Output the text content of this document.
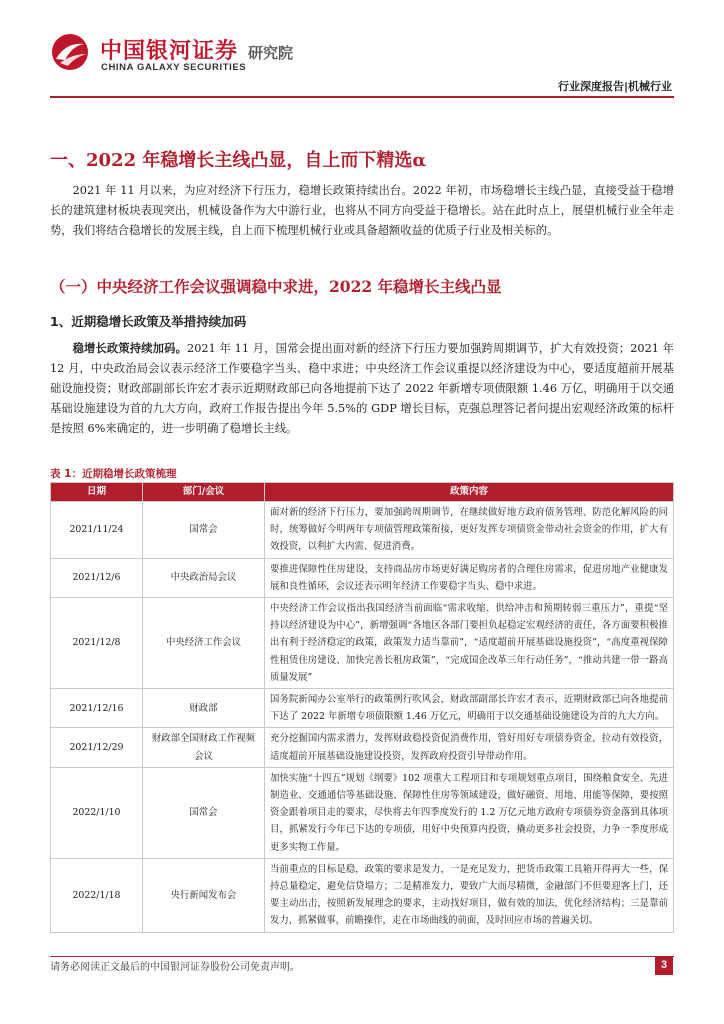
中国银河证券 研究院
CHINA GALAXY SECURITIES
行业深度报告|机械行业
一、2022 年稳增长主线凸显，自上而下精选α
2021 年 11 月以来，为应对经济下行压力，稳增长政策持续出台。2022 年初，市场稳增长主线凸显，直接受益于稳增长的建筑建材板块表现突出，机械设备作为大中游行业，也将从不同方向受益于稳增长。站在此时点上，展望机械行业全年走势，我们将结合稳增长的发展主线，自上而下梳理机械行业或具备超额收益的优质子行业及相关标的。
（一）中央经济工作会议强调稳中求进，2022 年稳增长主线凸显
1、近期稳增长政策及举措持续加码
稳增长政策持续加码。2021 年 11 月，国常会提出面对新的经济下行压力要加强跨周期调节，扩大有效投资；2021 年 12 月，中央政治局会议表示经济工作要稳字当头、稳中求进；中央经济工作会议重提以经济建设为中心，要适度超前开展基础设施投资；财政部副部长许宏才表示近期财政部已向各地提前下达了 2022 年新增专项债限额 1.46 万亿，明确用于以交通基础设施建设为首的九大方向，政府工作报告提出今年 5.5%的 GDP 增长目标，克强总理答记者问提出宏观经济政策的标杆是按照 6%来确定的，进一步明确了稳增长主线。
表 1：近期稳增长政策梳理
日期	部门/会议	政策内容
2021/11/24	国常会	面对新的经济下行压力，要加强跨周期调节，在继续做好地方政府债务管理、防范化解风险的同时，统筹做好今明两年专项债管理政策衔接，更好发挥专项债资金带动社会资金的作用，扩大有效投资，以利扩大内需、促进消费。
2021/12/6	中央政治局会议	要推进保障性住房建设，支持商品房市场更好满足购房者的合理住房需求，促进房地产业健康发展和良性循环，会议还表示明年经济工作要稳字当头、稳中求进。
2021/12/8	中央经济工作会议	中央经济工作会议指出我国经济当前面临“需求收缩、供给冲击和预期转弱三重压力”，重提“坚持以经济建设为中心”，新增强调“各地区各部门要担负起稳定宏观经济的责任，各方面要积极推出有利于经济稳定的政策，政策发力适当靠前”，“适度超前开展基础设施投资”，“高度重视保障性租赁住房建设、加快完善长租房政策”，“完成国企改革三年行动任务”，“推动共建一带一路高质量发展”
2021/12/16	财政部	国务院新闻办公室举行的政策例行吹风会，财政部副部长许宏才表示，近期财政部已向各地提前下达了 2022 年新增专项债限额 1.46 万亿元，明确用于以交通基础设施建设为首的九大方向。
2021/12/29	财政部全国财政工作视频会议	充分挖掘国内需求潜力，发挥财政稳投资促消费作用，管好用好专项债券资金，拉动有效投资，适度超前开展基础设施建设投资，发挥政府投资引导带动作用。
2022/1/10	国常会	加快实施“十四五”规划《纲要》102 项重大工程项目和专项规划重点项目，围绕粮食安全、先进制造业、交通通信等基础设施、保障性住房等领域建设，做好融资、用地、用能等保障，要按照资金跟着项目走的要求，尽快将去年四季度发行的 1.2 万亿元地方政府专项债券资金落到具体项目，抓紧发行今年已下达的专项债，用好中央预算内投资，撬动更多社会投资，力争一季度形成更多实物工作量。
2022/1/18	央行新闻发布会	当前重点的目标是稳，政策的要求是发力，一是充足发力，把货币政策工具箱开得再大一些，保持总量稳定，避免信贷塌方；二是精准发力，要致广大而尽精微，金融部门不但要迎客上门，还要主动出击，按照新发展理念的要求，主动找好项目，做有效的加法，优化经济结构；三是靠前发力，抓紧做事，前瞻操作，走在市场曲线的前面，及时回应市场的普遍关切。
请务必阅读正文最后的中国银河证券股份公司免责声明。	3
